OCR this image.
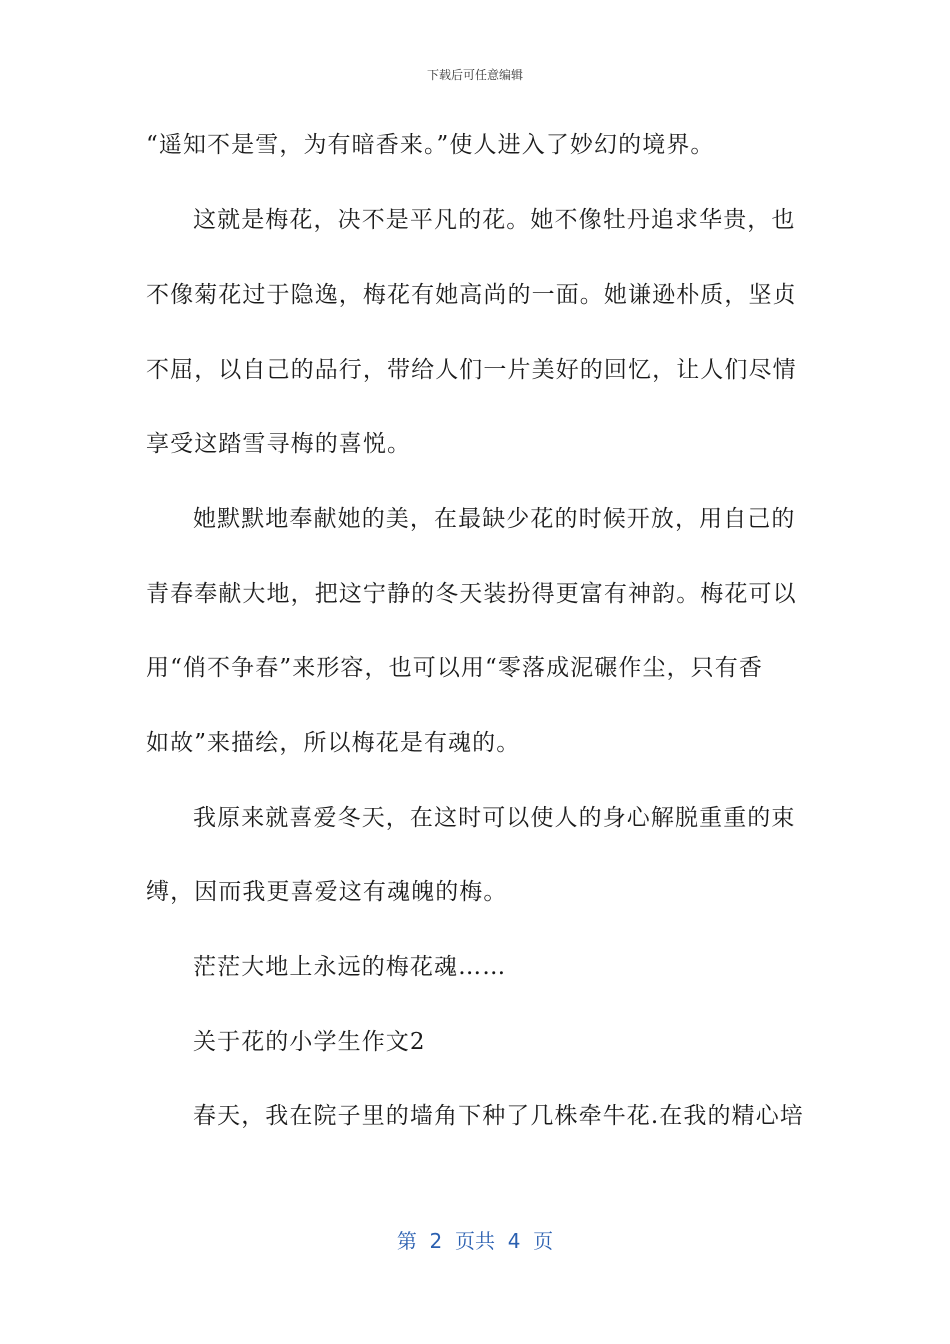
下载后可任意编辑
“遥知不是雪，为有暗香来。”使人进入了妙幻的境界。
这就是梅花，决不是平凡的花。她不像牡丹追求华贵，也
不像菊花过于隐逸，梅花有她高尚的一面。她谦逊朴质，坚贞
不屈，以自己的品行，带给人们一片美好的回忆，让人们尽情
享受这踏雪寻梅的喜悦。
她默默地奉献她的美，在最缺少花的时候开放，用自己的
青春奉献大地，把这宁静的冬天装扮得更富有神韵。梅花可以
用“俏不争春”来形容，也可以用“零落成泥碾作尘，只有香
如故”来描绘，所以梅花是有魂的。
我原来就喜爱冬天，在这时可以使人的身心解脱重重的束
缚，因而我更喜爱这有魂魄的梅。
茫茫大地上永远的梅花魂……
关于花的小学生作文2
春天，我在院子里的墙角下种了几株牵牛花.在我的精心培
第  2  页共  4  页
